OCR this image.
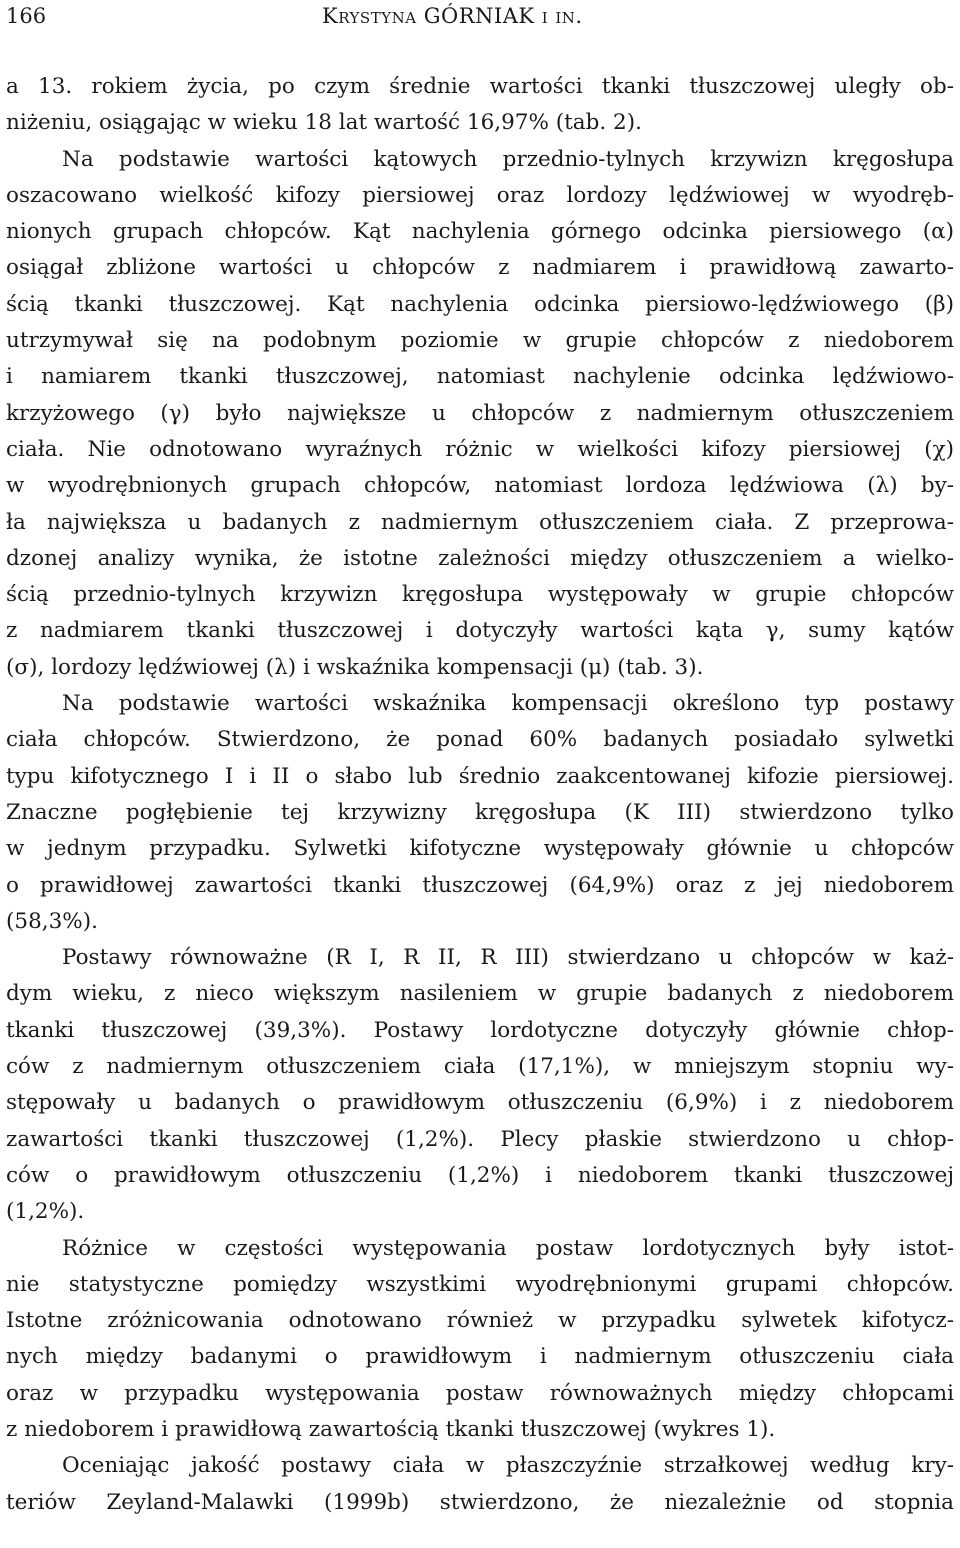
166	Krystyna GÓRNIAK i in.
a 13. rokiem życia, po czym średnie wartości tkanki tłuszczowej uległy ob-
niżeniu, osiągając w wieku 18 lat wartość 16,97% (tab. 2).
Na podstawie wartości kątowych przednio-tylnych krzywizn kręgosłupa
oszacowano wielkość kifozy piersiowej oraz lordozy lędźwiowej w wyodręb-
nionych grupach chłopców. Kąt nachylenia górnego odcinka piersiowego (α)
osiągał zbliżone wartości u chłopców z nadmiarem i prawidłową zawarto-
ścią tkanki tłuszczowej. Kąt nachylenia odcinka piersiowo-lędźwiowego (β)
utrzymywał się na podobnym poziomie w grupie chłopców z niedoborem
i namiarem tkanki tłuszczowej, natomiast nachylenie odcinka lędźwiowo-
krzyżowego (γ) było największe u chłopców z nadmiernym otłuszczeniem
ciała. Nie odnotowano wyraźnych różnic w wielkości kifozy piersiowej (χ)
w wyodrębnionych grupach chłopców, natomiast lordoza lędźwiowa (λ) by-
ła największa u badanych z nadmiernym otłuszczeniem ciała. Z przeprowa-
dzonej analizy wynika, że istotne zależności między otłuszczeniem a wielko-
ścią przednio-tylnych krzywizn kręgosłupa występowały w grupie chłopców
z nadmiarem tkanki tłuszczowej i dotyczyły wartości kąta γ, sumy kątów
(σ), lordozy lędźwiowej (λ) i wskaźnika kompensacji (μ) (tab. 3).
Na podstawie wartości wskaźnika kompensacji określono typ postawy
ciała chłopców. Stwierdzono, że ponad 60% badanych posiadało sylwetki
typu kifotycznego I i II o słabo lub średnio zaakcentowanej kifozie piersiowej.
Znaczne pogłębienie tej krzywizny kręgosłupa (K III) stwierdzono tylko
w jednym przypadku. Sylwetki kifotyczne występowały głównie u chłopców
o prawidłowej zawartości tkanki tłuszczowej (64,9%) oraz z jej niedoborem
(58,3%).
Postawy równoważne (R I, R II, R III) stwierdzano u chłopców w każ-
dym wieku, z nieco większym nasileniem w grupie badanych z niedoborem
tkanki tłuszczowej (39,3%). Postawy lordotyczne dotyczyły głównie chłop-
ców z nadmiernym otłuszczeniem ciała (17,1%), w mniejszym stopniu wy-
stępowały u badanych o prawidłowym otłuszczeniu (6,9%) i z niedoborem
zawartości tkanki tłuszczowej (1,2%). Plecy płaskie stwierdzono u chłop-
ców o prawidłowym otłuszczeniu (1,2%) i niedoborem tkanki tłuszczowej
(1,2%).
Różnice w częstości występowania postaw lordotycznych były istot-
nie statystyczne pomiędzy wszystkimi wyodrębnionymi grupami chłopców.
Istotne zróżnicowania odnotowano również w przypadku sylwetek kifotycz-
nych między badanymi o prawidłowym i nadmiernym otłuszczeniu ciała
oraz w przypadku występowania postaw równoważnych między chłopcami
z niedoborem i prawidłową zawartością tkanki tłuszczowej (wykres 1).
Oceniając jakość postawy ciała w płaszczyźnie strzałkowej według kry-
teriów Zeyland-Malawki (1999b) stwierdzono, że niezależnie od stopnia
